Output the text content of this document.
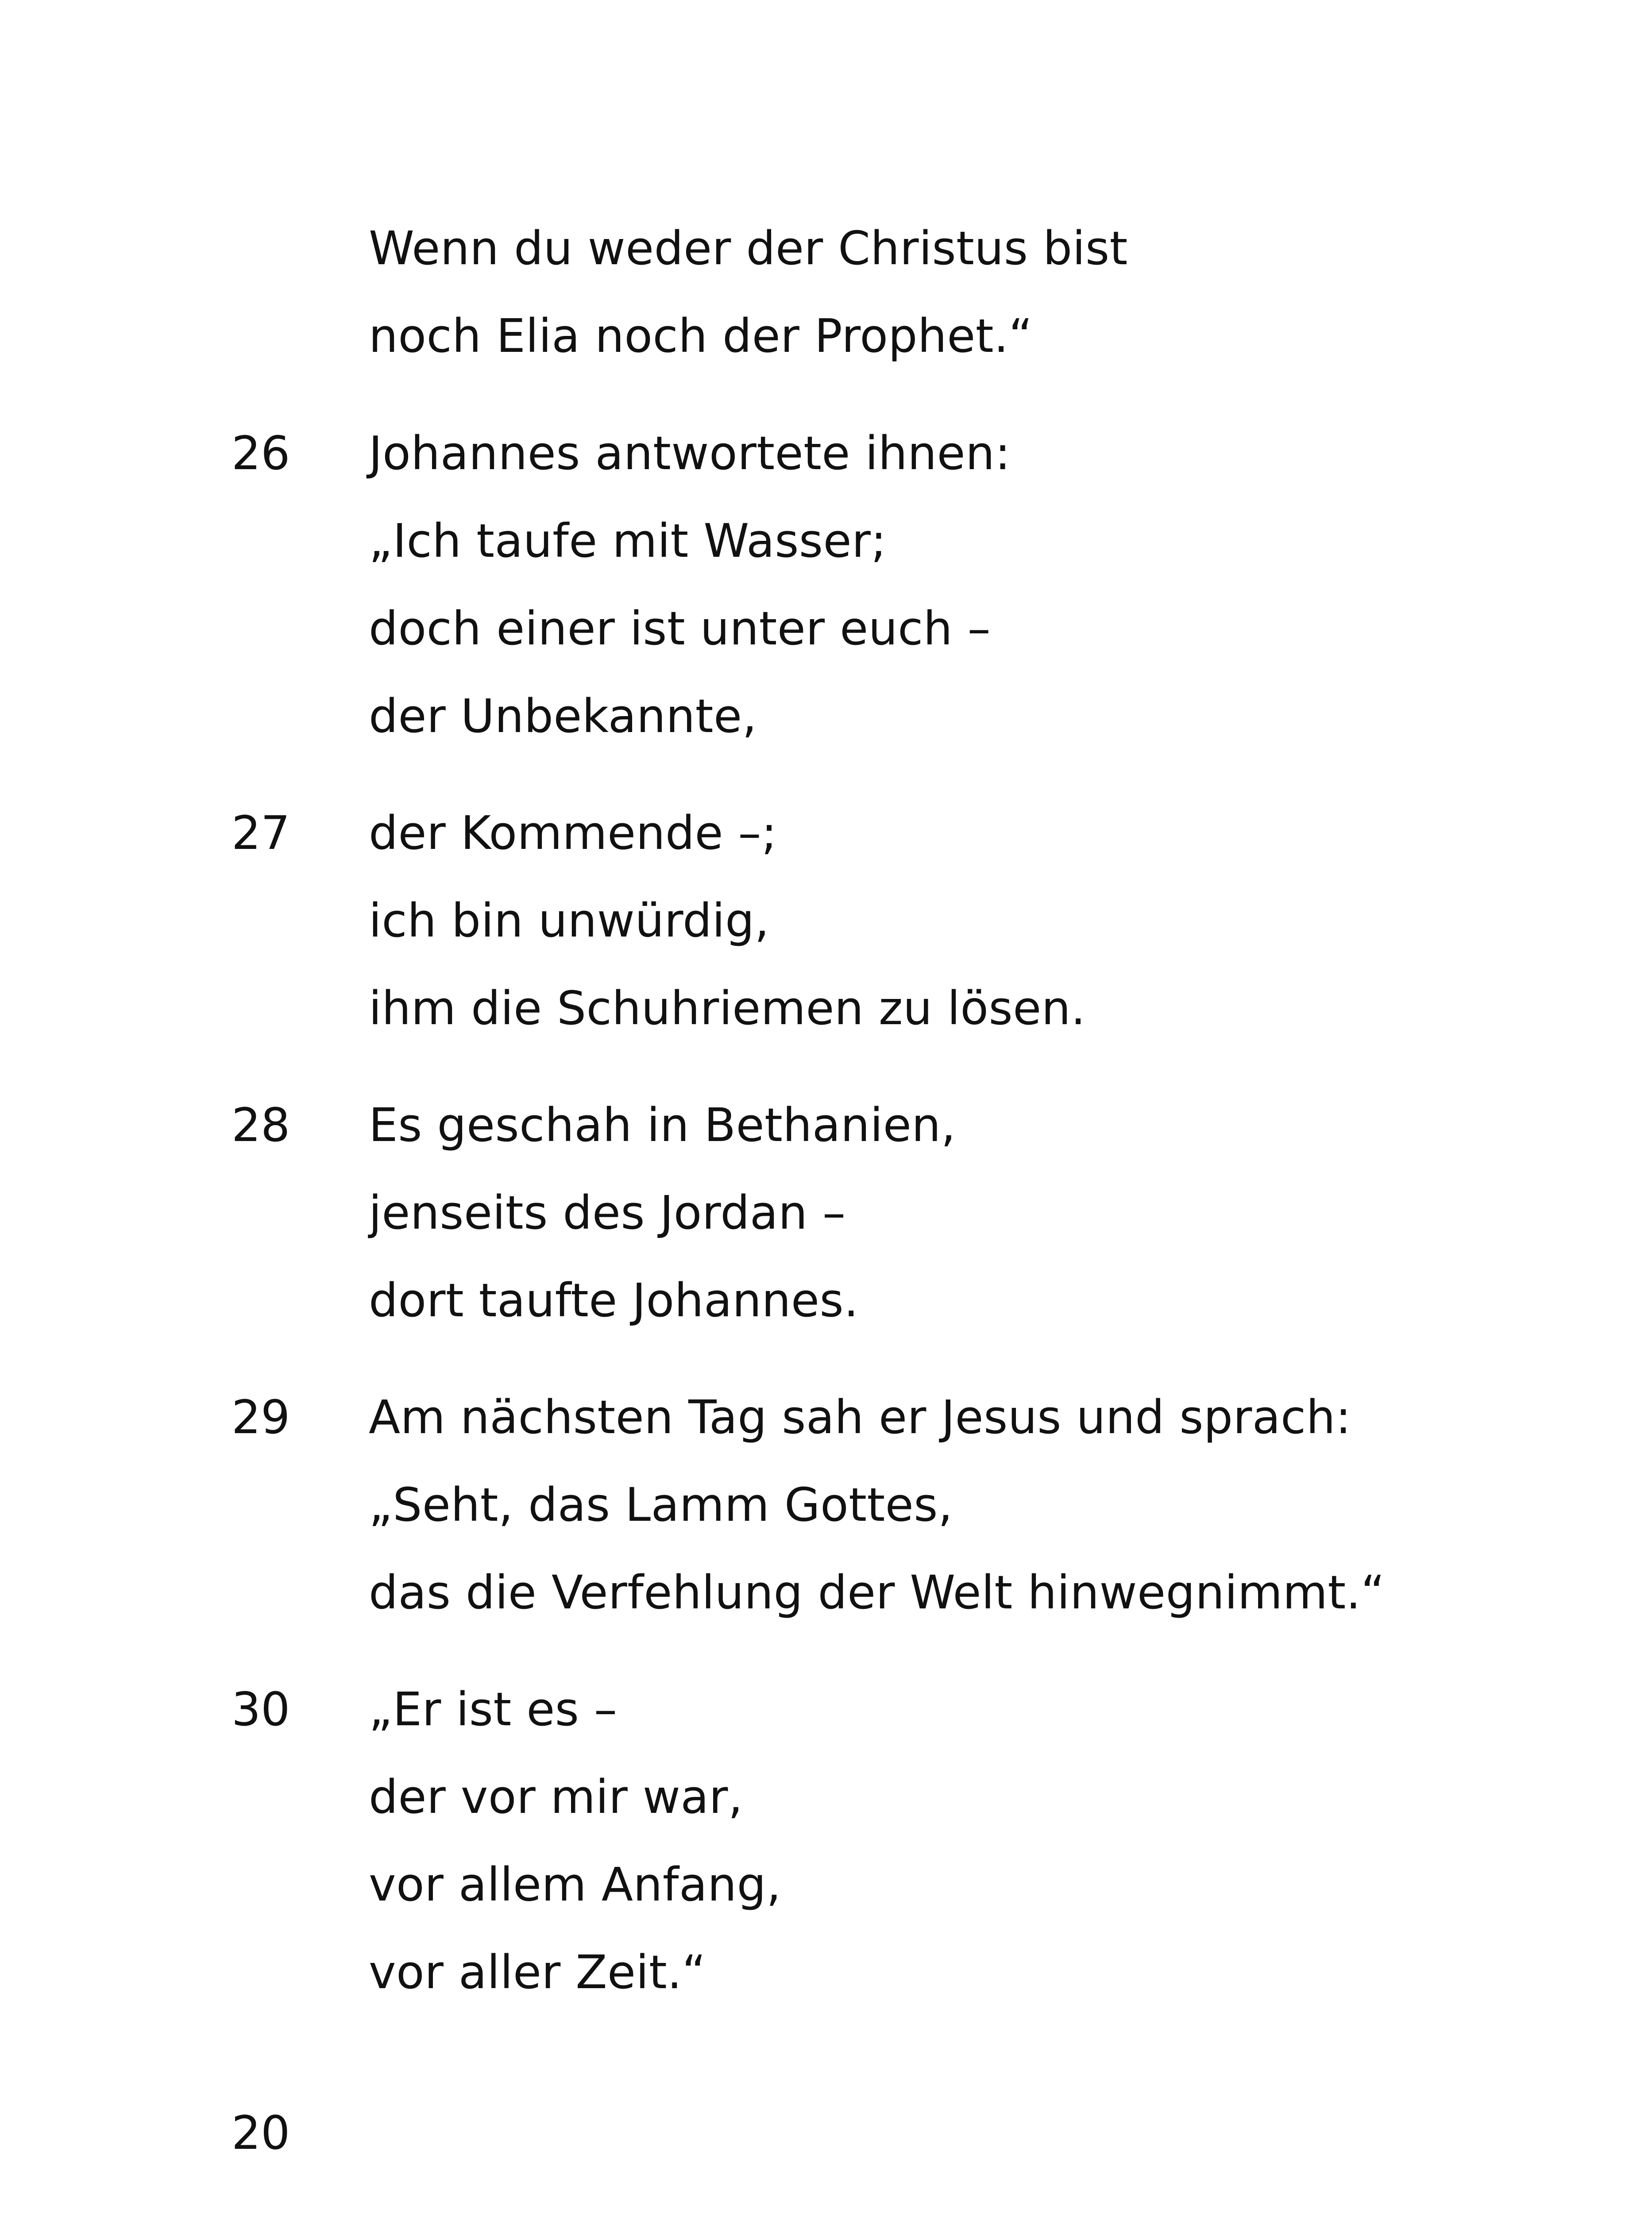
Wenn du weder der Christus bist
noch Elia noch der Prophet.“
26 Johannes antwortete ihnen:
„Ich taufe mit Wasser;
doch einer ist unter euch –
der Unbekannte,
27 der Kommende –;
ich bin unwürdig,
ihm die Schuhriemen zu lösen.
28 Es geschah in Bethanien,
jenseits des Jordan –
dort taufte Johannes.
29 Am nächsten Tag sah er Jesus und sprach:
„Seht, das Lamm Gottes,
das die Verfehlung der Welt hinwegnimmt.“
30 „Er ist es –
der vor mir war,
vor allem Anfang,
vor aller Zeit.“
20
